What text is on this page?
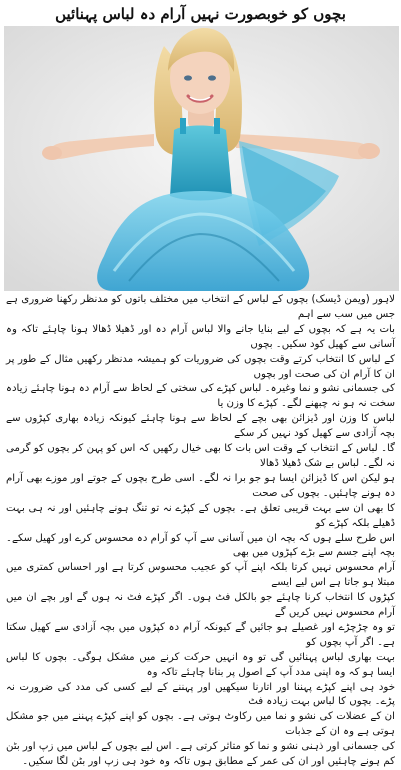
بچوں کو خوبصورت نہیں آرام دہ لباس پہنائیں

لاہور (ویمن ڈیسک) بچوں کے لباس کے انتخاب میں مختلف باتوں کو مدنظر رکھنا ضروری ہے جس میں سب سے اہم

بات یہ ہے کہ بچوں کے لیے بنایا جانے والا لباس آرام دہ اور ڈھیلا ڈھالا ہونا چاہئے تاکہ وہ آسانی سے کھیل کود سکیں۔ بچوں

کے لباس کا انتخاب کرتے وقت بچوں کی ضروریات کو ہمیشہ مدنظر رکھیں مثال کے طور پر ان کا آرام ان کی صحت اور بچوں

کی جسمانی نشو و نما وغیرہ۔ لباس کپڑے کی سختی کے لحاظ سے آرام دہ ہونا چاہئے زیادہ سخت نہ ہو نہ چبھنے لگے۔ کپڑے کا وزن یا

لباس کا وزن اور ڈیزائن بھی بچے کے لحاظ سے ہونا چاہئے کیونکہ زیادہ بھاری کپڑوں سے بچہ آزادی سے کھیل کود نہیں کر سکے

گا۔ لباس کے انتخاب کے وقت اس بات کا بھی خیال رکھیں کہ اس کو پہن کر بچوں کو گرمی نہ لگے۔ لباس بے شک ڈھیلا ڈھالا

ہو لیکن اس کا ڈیزائن ایسا ہو جو برا نہ لگے۔ اسی طرح بچوں کے جوتے اور موزے بھی آرام دہ ہونے چاہئیں۔ بچوں کی صحت

کا بھی ان سے بہت قریبی تعلق ہے۔ بچوں کے کپڑے نہ تو تنگ ہونے چاہئیں اور نہ ہی بہت ڈھیلے بلکہ کپڑے کو

اس طرح سلے ہوں کہ بچہ ان میں آسانی سے آپ کو آرام دہ محسوس کرے اور کھیل سکے۔ بچہ اپنے جسم سے بڑے کپڑوں میں بھی

آرام محسوس نہیں کرتا بلکہ اپنے آپ کو عجیب محسوس کرتا ہے اور احساس کمتری میں مبتلا ہو جاتا ہے اس لیے ایسے

کپڑوں کا انتخاب کرنا چاہئے جو بالکل فٹ ہوں۔ اگر کپڑے فٹ نہ ہوں گے اور بچے ان میں آرام محسوس نہیں کریں گے

تو وہ چڑچڑے اور غصیلے ہو جائیں گے کیونکہ آرام دہ کپڑوں میں بچہ آزادی سے کھیل سکتا ہے۔ اگر آپ بچوں کو

بہت بھاری لباس پہنائیں گی تو وہ انہیں حرکت کرنے میں مشکل ہوگی۔ بچوں کا لباس ایسا ہو کہ وہ اپنی مدد آپ کے اصول پر بنانا چاہئے تاکہ وہ

خود ہی اپنے کپڑے پہننا اور اتارنا سیکھیں اور پہننے کے لیے کسی کی مدد کی ضرورت نہ پڑے۔ بچوں کا لباس بہت زیادہ فٹ

ان کے عضلات کی نشو و نما میں رکاوٹ ہوتی ہے۔ بچوں کو اپنے کپڑے پہننے میں جو مشکل ہوتی ہے وہ ان کے جذبات

کی جسمانی اور ذہنی نشو و نما کو متاثر کرتی ہے۔ اس لیے بچوں کے لباس میں زپ اور بٹن کم ہونے چاہئیں اور ان کی عمر کے مطابق ہوں تاکہ وہ خود ہی زپ اور بٹن لگا سکیں۔
